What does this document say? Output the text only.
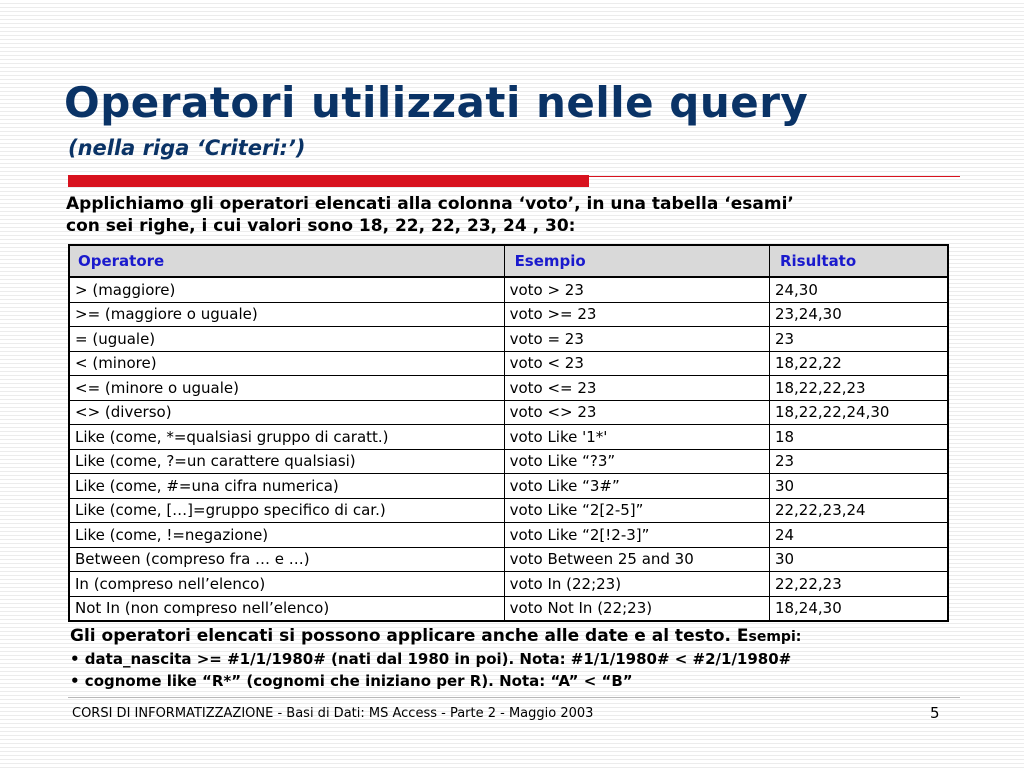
Operatori utilizzati nelle query
(nella riga ‘Criteri:’)

Applichiamo gli operatori elencati alla colonna ‘voto’, in una tabella ‘esami’
con sei righe, i cui valori sono 18, 22, 22, 23, 24 , 30:

Operatore	Esempio	Risultato
> (maggiore)	voto > 23	24,30
>= (maggiore o uguale)	voto >= 23	23,24,30
= (uguale)	voto = 23	23
< (minore)	voto < 23	18,22,22
<= (minore o uguale)	voto <= 23	18,22,22,23
<> (diverso)	voto <> 23	18,22,22,24,30
Like (come, *=qualsiasi gruppo di caratt.)	voto Like '1*'	18
Like (come, ?=un carattere qualsiasi)	voto Like “?3”	23
Like (come, #=una cifra numerica)	voto Like “3#”	30
Like (come, […]=gruppo specifico di car.)	voto Like “2[2-5]”	22,22,23,24
Like (come, !=negazione)	voto Like “2[!2-3]”	24
Between (compreso fra … e …)	voto Between 25 and 30	30
In (compreso nell’elenco)	voto In (22;23)	22,22,23
Not In (non compreso nell’elenco)	voto Not In (22;23)	18,24,30
Gli operatori elencati si possono applicare anche alle date e al testo. Esempi:
• data_nascita >= #1/1/1980# (nati dal 1980 in poi). Nota: #1/1/1980# < #2/1/1980#
• cognome like “R*” (cognomi che iniziano per R). Nota: “A” < “B”

CORSI DI INFORMATIZZAZIONE - Basi di Dati: MS Access - Parte 2 - Maggio 2003	5
